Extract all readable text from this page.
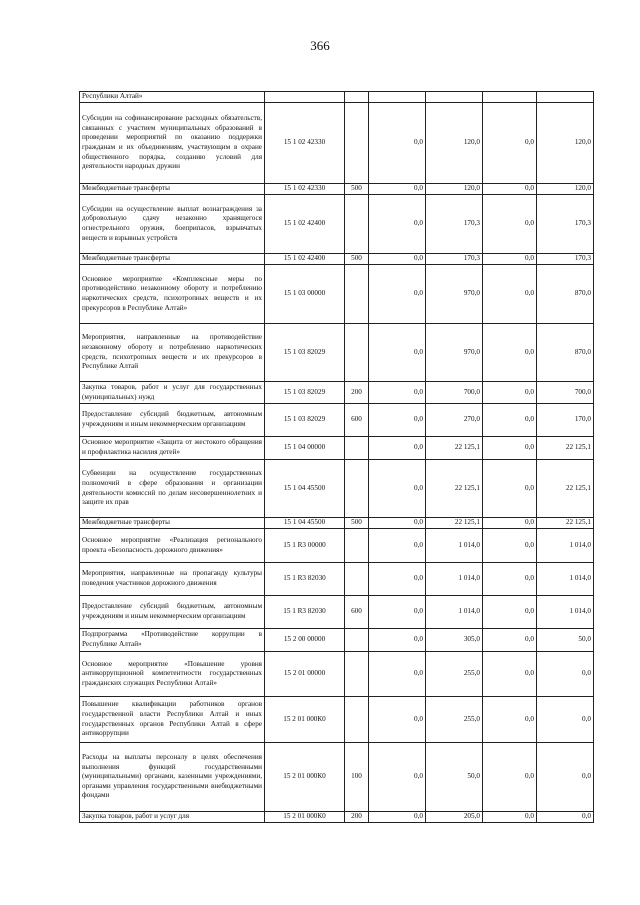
366
Республики Алтай»						
Субсидии на софинансирование расходных обязательств, связанных с участием муниципальных образований в проведении мероприятий по оказанию поддержки гражданам и их объединениям, участвующим в охране общественного порядка, созданию условий для деятельности народных дружин	15 1 02 42330		0,0	120,0	0,0	120,0
Межбюджетные трансферты	15 1 02 42330	500	0,0	120,0	0,0	120,0
Субсидии на осуществление выплат вознаграждения за добровольную сдачу незаконно хранящегося огнестрельного оружия, боеприпасов, взрывчатых веществ и взрывных устройств	15 1 02 42400		0,0	170,3	0,0	170,3
Межбюджетные трансферты	15 1 02 42400	500	0,0	170,3	0,0	170,3
Основное мероприятие «Комплексные меры по противодействию незаконному обороту и потреблению наркотических средств, психотропных веществ и их прекурсоров в Республике Алтай»	15 1 03 00000		0,0	970,0	0,0	870,0
Мероприятия, направленные на противодействие незаконному обороту и потреблению наркотических средств, психотропных веществ и их прекурсоров в Республике Алтай	15 1 03 82029		0,0	970,0	0,0	870,0
Закупка товаров, работ и услуг для государственных (муниципальных) нужд	15 1 03 82029	200	0,0	700,0	0,0	700,0
Предоставление субсидий бюджетным, автономным учреждениям и иным некоммерческим организациям	15 1 03 82029	600	0,0	270,0	0,0	170,0
Основное мероприятие «Защита от жестокого обращения и профилактика насилия детей»	15 1 04 00000		0,0	22 125,1	0,0	22 125,1
Субвенции на осуществление государственных полномочий в сфере образования и организации деятельности комиссий по делам несовершеннолетних и защите их прав	15 1 04 45500		0,0	22 125,1	0,0	22 125,1
Межбюджетные трансферты	15 1 04 45500	500	0,0	22 125,1	0,0	22 125,1
Основное мероприятие «Реализация регионального проекта «Безопасность дорожного движения»	15 1 R3 00000		0,0	1 014,0	0,0	1 014,0
Мероприятия, направленные на пропаганду культуры поведения участников дорожного движения	15 1 R3 82030		0,0	1 014,0	0,0	1 014,0
Предоставление субсидий бюджетным, автономным учреждениям и иным некоммерческим организациям	15 1 R3 82030	600	0,0	1 014,0	0,0	1 014,0
Подпрограмма «Противодействие коррупции в Республике Алтай»	15 2 00 00000		0,0	305,0	0,0	50,0
Основное мероприятие «Повышение уровня антикоррупционной компетентности государственных гражданских служащих Республики Алтай»	15 2 01 00000		0,0	255,0	0,0	0,0
Повышение квалификации работников органов государственной власти Республики Алтай и иных государственных органов Республики Алтай в сфере антикоррупции	15 2 01 000К0		0,0	255,0	0,0	0,0
Расходы на выплаты персоналу в целях обеспечения выполнения функций государственными (муниципальными) органами, казенными учреждениями, органами управления государственными внебюджетными фондами	15 2 01 000К0	100	0,0	50,0	0,0	0,0
Закупка товаров, работ и услуг для	15 2 01 000К0	200	0,0	205,0	0,0	0,0
